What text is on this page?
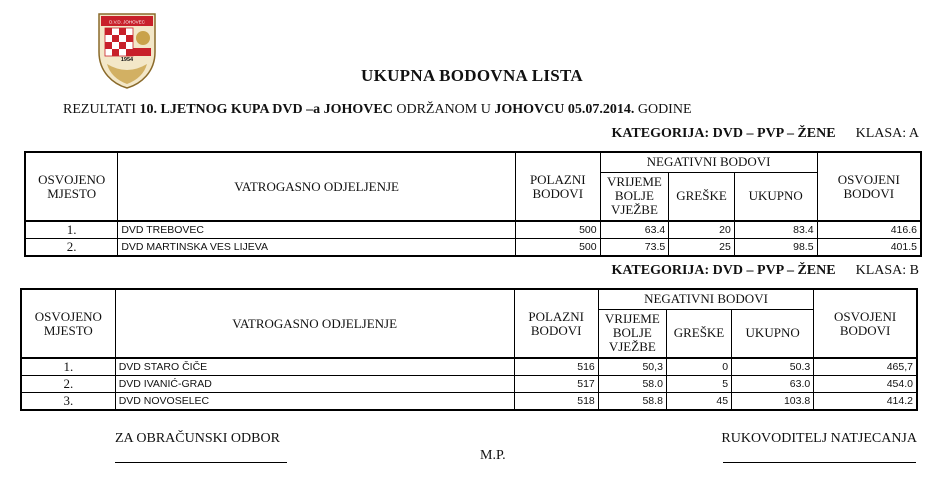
D.V.D. JOHOVEC
1954
UKUPNA BODOVNA LISTA
REZULTATI 10. LJETNOG KUPA DVD –a JOHOVEC ODRŽANOM U JOHOVCU 05.07.2014. GODINE
KATEGORIJA: DVD – PVP – ŽENE KLASA: A
OSVOJENO MJESTO	VATROGASNO ODJELJENJE	POLAZNI BODOVI	NEGATIVNI BODOVI			OSVOJENI BODOVI
			VRIJEME BOLJE VJEŽBE	GREŠKE	UKUPNO	
1.	DVD TREBOVEC	500	63.4	20	83.4	416.6
2.	DVD MARTINSKA VES LIJEVA	500	73.5	25	98.5	401.5
KATEGORIJA: DVD – PVP – ŽENE KLASA: B
OSVOJENO MJESTO	VATROGASNO ODJELJENJE	POLAZNI BODOVI	NEGATIVNI BODOVI			OSVOJENI BODOVI
			VRIJEME BOLJE VJEŽBE	GREŠKE	UKUPNO	
1.	DVD STARO ČIČE	516	50,3	0	50.3	465,7
2.	DVD IVANIĆ-GRAD	517	58.0	5	63.0	454.0
3.	DVD NOVOSELEC	518	58.8	45	103.8	414.2
ZA OBRAČUNSKI ODBOR
M.P.
RUKOVODITELJ NATJECANJA
